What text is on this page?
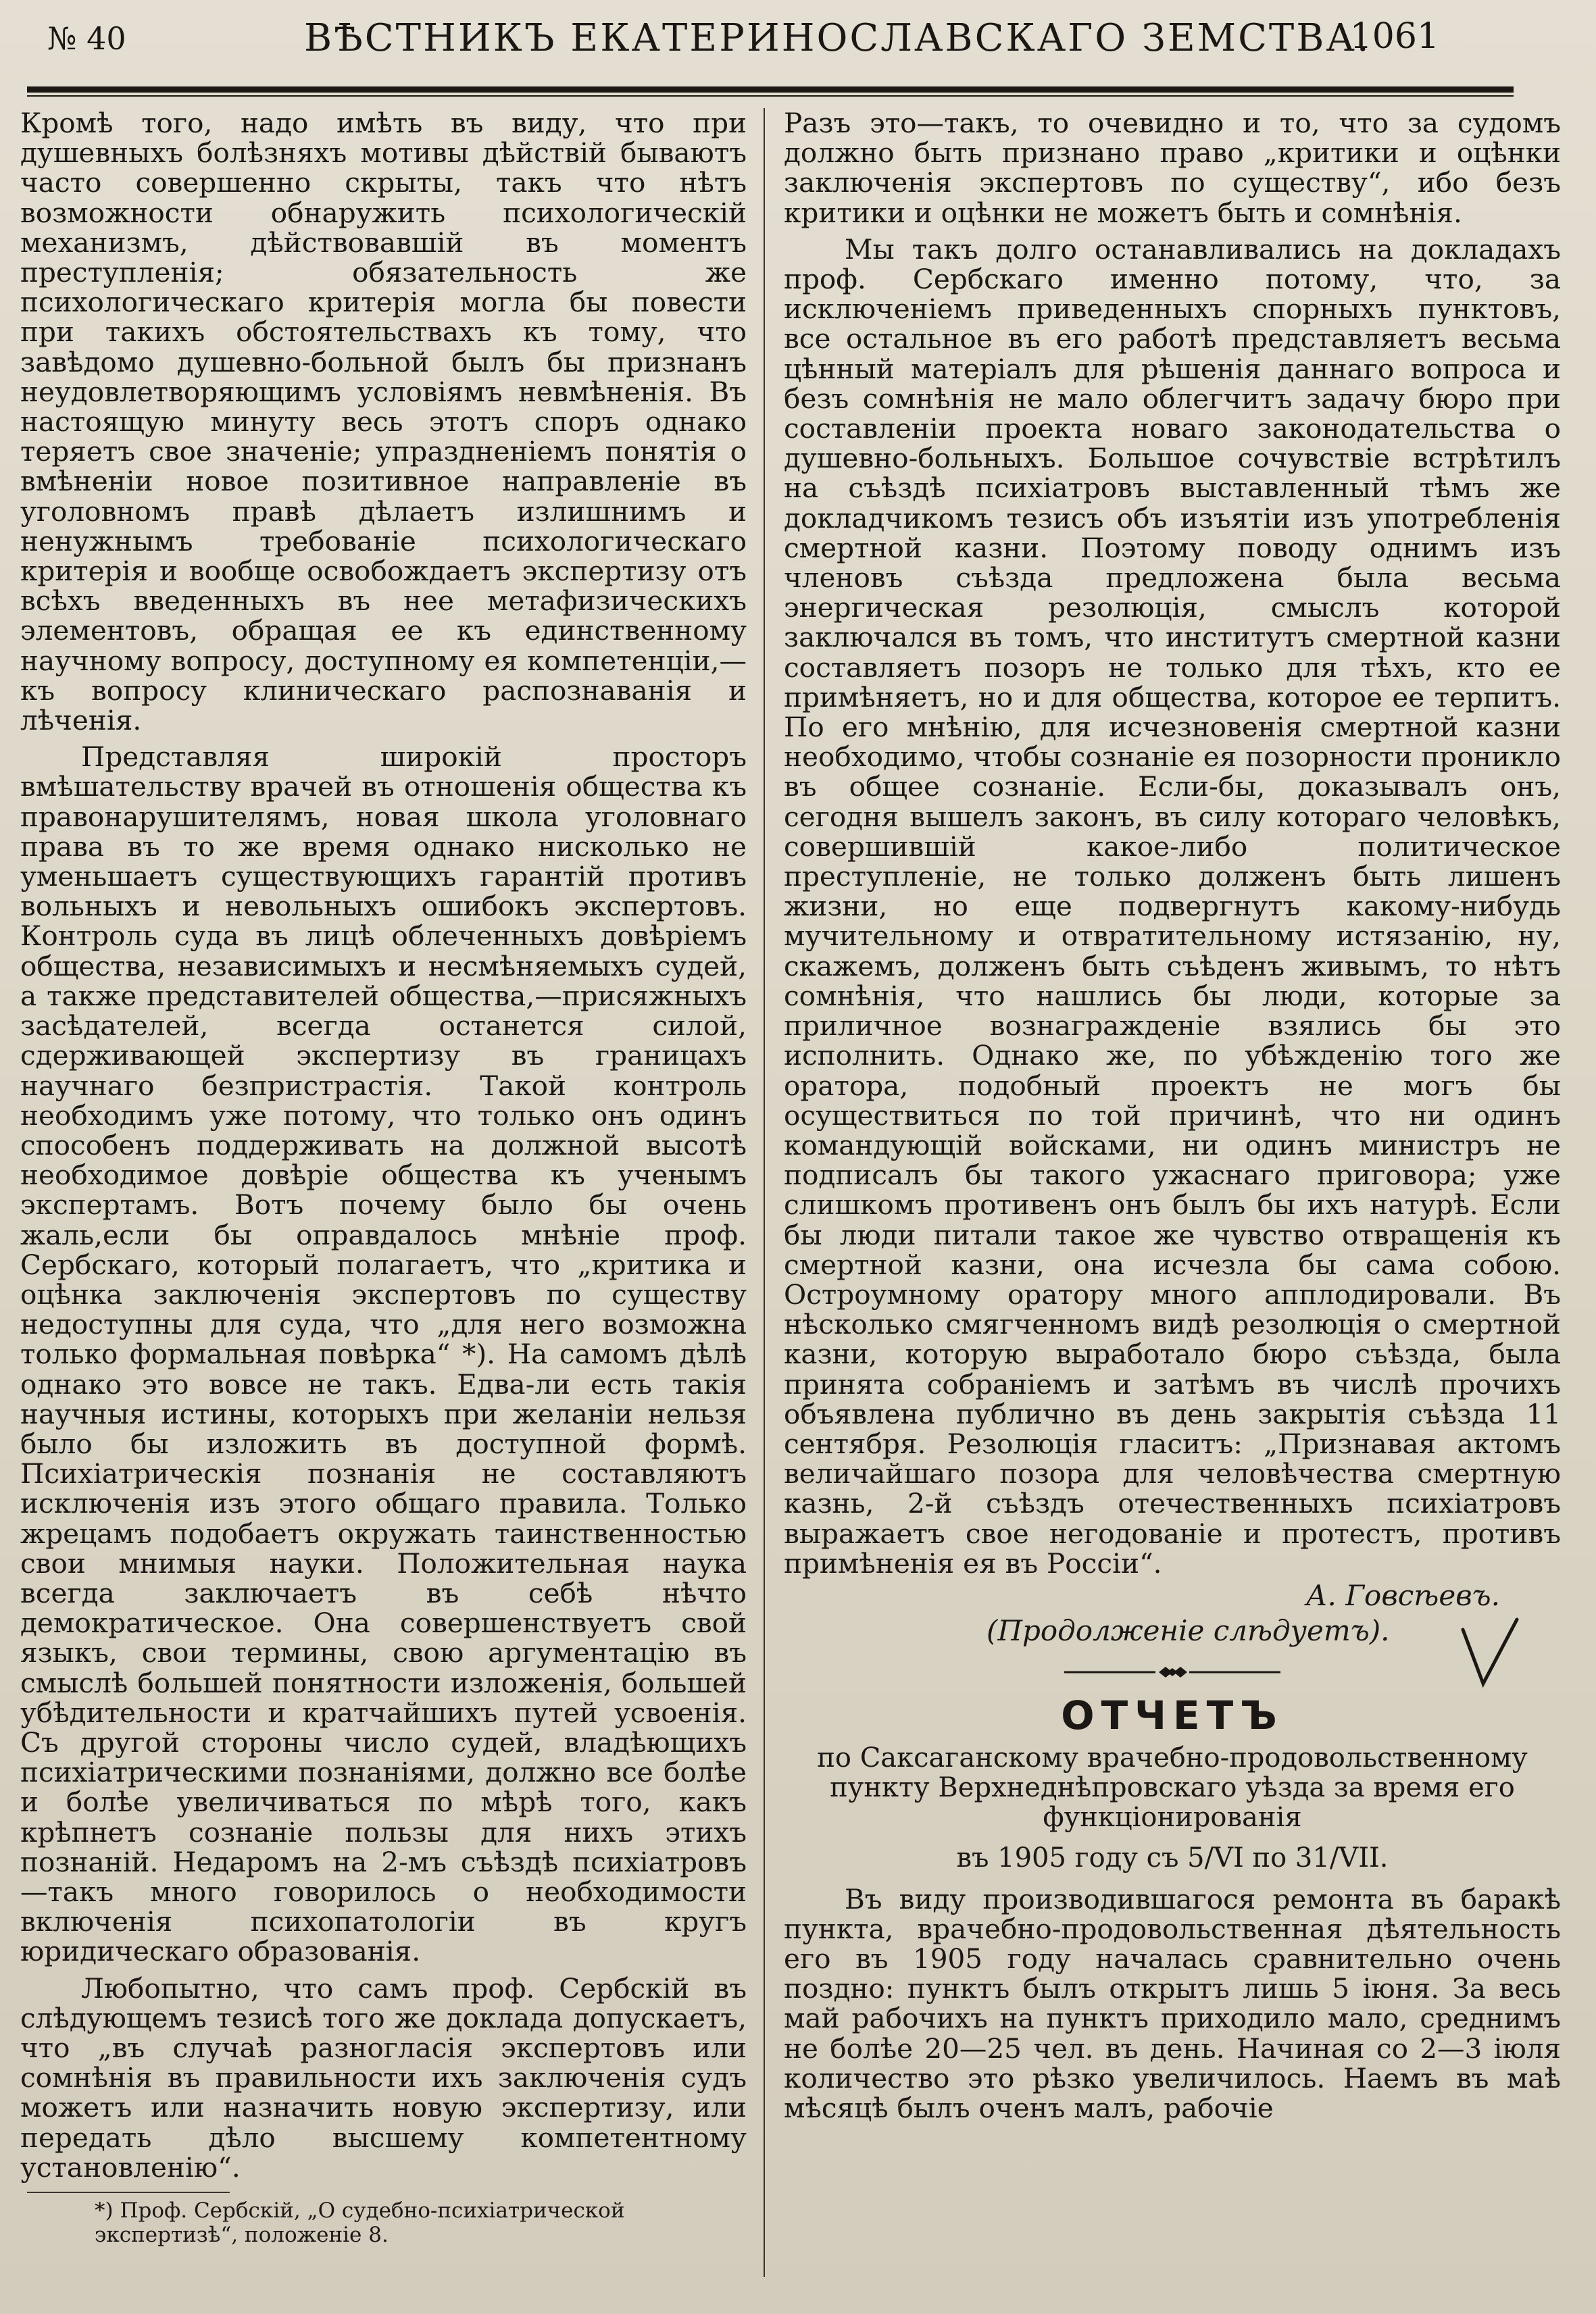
№ 40	ВѢСТНИКЪ ЕКАТЕРИНОСЛАВСКАГО ЗЕМСТВА.
1061

Кромѣ того, надо имѣть въ виду, что при душевныхъ болѣзняхъ мотивы дѣйствій бываютъ часто совершенно скрыты, такъ что нѣтъ возможности обнаружить психологическій механизмъ, дѣйствовавшій въ моментъ преступленія; обязательность же психологическаго критерія могла бы повести при такихъ обстоятельствахъ къ тому, что завѣдомо душевно-больной былъ бы признанъ неудовлетворяющимъ условіямъ невмѣненія. Въ настоящую минуту весь этотъ споръ однако теряетъ свое значеніе; упраздненіемъ понятія о вмѣненіи новое позитивное направленіе въ уголовномъ правѣ дѣлаетъ излишнимъ и ненужнымъ требованіе психологическаго критерія и вообще освобождаетъ экспертизу отъ всѣхъ введенныхъ въ нее метафизическихъ элементовъ, обращая ее къ единственному научному вопросу, доступному ея компетенціи,—къ вопросу клиническаго распознаванія и лѣченія.

Представляя широкій просторъ вмѣшательству врачей въ отношенія общества къ правонарушителямъ, новая школа уголовнаго права въ то же время однако нисколько не уменьшаетъ существующихъ гарантій противъ вольныхъ и невольныхъ ошибокъ экспертовъ. Контроль суда въ лицѣ облеченныхъ довѣріемъ общества, независимыхъ и несмѣняемыхъ судей, а также представителей общества,—присяжныхъ засѣдателей, всегда останется силой, сдерживающей экспертизу въ границахъ научнаго безпристрастія. Такой контроль необходимъ уже потому, что только онъ одинъ способенъ поддерживать на должной высотѣ необходимое довѣріе общества къ ученымъ экспертамъ. Вотъ почему было бы очень жаль,если бы оправдалось мнѣніе проф. Сербскаго, который полагаетъ, что „критика и оцѣнка заключенія экспертовъ по существу недоступны для суда, что „для него возможна только формальная повѣрка“ *). На самомъ дѣлѣ однако это вовсе не такъ. Едва-ли есть такія научныя истины, которыхъ при желаніи нельзя было бы изложить въ доступной формѣ. Психіатрическія познанія не составляютъ исключенія изъ этого общаго правила. Только жрецамъ подобаетъ окружать таинственностью свои мнимыя науки. Положительная наука всегда заключаетъ въ себѣ нѣчто демократическое. Она совершенствуетъ свой языкъ, свои термины, свою аргументацію въ смыслѣ большей понятности изложенія, большей убѣдительности и кратчайшихъ путей усвоенія. Съ другой стороны число судей, владѣющихъ психіатрическими познаніями, должно все болѣе и болѣе увеличиваться по мѣрѣ того, какъ крѣпнетъ сознаніе пользы для нихъ этихъ познаній. Недаромъ на 2-мъ съѣздѣ психіатровъ—такъ много говорилось о необходимости включенія психопатологіи въ кругъ юридическаго образованія.

Любопытно, что самъ проф. Сербскій въ слѣдующемъ тезисѣ того же доклада допускаетъ, что „въ случаѣ разногласія экспертовъ или сомнѣнія въ правильности ихъ заключенія судъ можетъ или назначить новую экспертизу, или передать дѣло высшему компетентному установленію“.

*) Проф. Сербскій, „О судебно-психіатрической экспертизѣ“, положеніе 8.

Разъ это—такъ, то очевидно и то, что за судомъ должно быть признано право „критики и оцѣнки заключенія экспертовъ по существу“, ибо безъ критики и оцѣнки не можетъ быть и сомнѣнія.

Мы такъ долго останавливались на докладахъ проф. Сербскаго именно потому, что, за исключеніемъ приведенныхъ спорныхъ пунктовъ, все остальное въ его работѣ представляетъ весьма цѣнный матеріалъ для рѣшенія даннаго вопроса и безъ сомнѣнія не мало облегчитъ задачу бюро при составленіи проекта новаго законодательства о душевно-больныхъ. Большое сочувствіе встрѣтилъ на съѣздѣ психіатровъ выставленный тѣмъ же докладчикомъ тезисъ объ изъятіи изъ употребленія смертной казни. Поэтому поводу однимъ изъ членовъ съѣзда предложена была весьма энергическая резолюція, смыслъ которой заключался въ томъ, что институтъ смертной казни составляетъ позоръ не только для тѣхъ, кто ее примѣняетъ, но и для общества, которое ее терпитъ. По его мнѣнію, для исчезновенія смертной казни необходимо, чтобы сознаніе ея позорности проникло въ общее сознаніе. Если-бы, доказывалъ онъ, сегодня вышелъ законъ, въ силу котораго человѣкъ, совершившій какое-либо политическое преступленіе, не только долженъ быть лишенъ жизни, но еще подвергнутъ какому-нибудь мучительному и отвратительному истязанію, ну, скажемъ, долженъ быть съѣденъ живымъ, то нѣтъ сомнѣнія, что нашлись бы люди, которые за приличное вознагражденіе взялись бы это исполнить. Однако же, по убѣжденію того же оратора, подобный проектъ не могъ бы осуществиться по той причинѣ, что ни одинъ командующій войсками, ни одинъ министръ не подписалъ бы такого ужаснаго приговора; уже слишкомъ противенъ онъ былъ бы ихъ натурѣ. Если бы люди питали такое же чувство отвращенія къ смертной казни, она исчезла бы сама собою. Остроумному оратору много апплодировали. Въ нѣсколько смягченномъ видѣ резолюція о смертной казни, которую выработало бюро съѣзда, была принята собраніемъ и затѣмъ въ числѣ прочихъ объявлена публично въ день закрытія съѣзда 11 сентября. Резолюція гласитъ: „Признавая актомъ величайшаго позора для человѣчества смертную казнь, 2-й съѣздъ отечественныхъ психіатровъ выражаетъ свое негодованіе и протестъ, противъ примѣненія ея въ Россіи“.

А. Говсѣевъ.
(Продолженіе слѣдуетъ).
ОТЧЕТЪ
по Саксаганскому врачебно-продовольственному пункту Верхнеднѣпровскаго уѣзда за время его функціонированія
въ 1905 году съ 5/VI по 31/VII.

Въ виду производившагося ремонта въ баракѣ пункта, врачебно-продовольственная дѣятельность его въ 1905 году началась сравнительно очень поздно: пунктъ былъ открытъ лишь 5 іюня. За весь май рабочихъ на пунктъ приходило мало, среднимъ не болѣе 20—25 чел. въ день. Начиная со 2—3 іюля количество это рѣзко увеличилось. Наемъ въ маѣ мѣсяцѣ былъ оченъ малъ, рабочіе
